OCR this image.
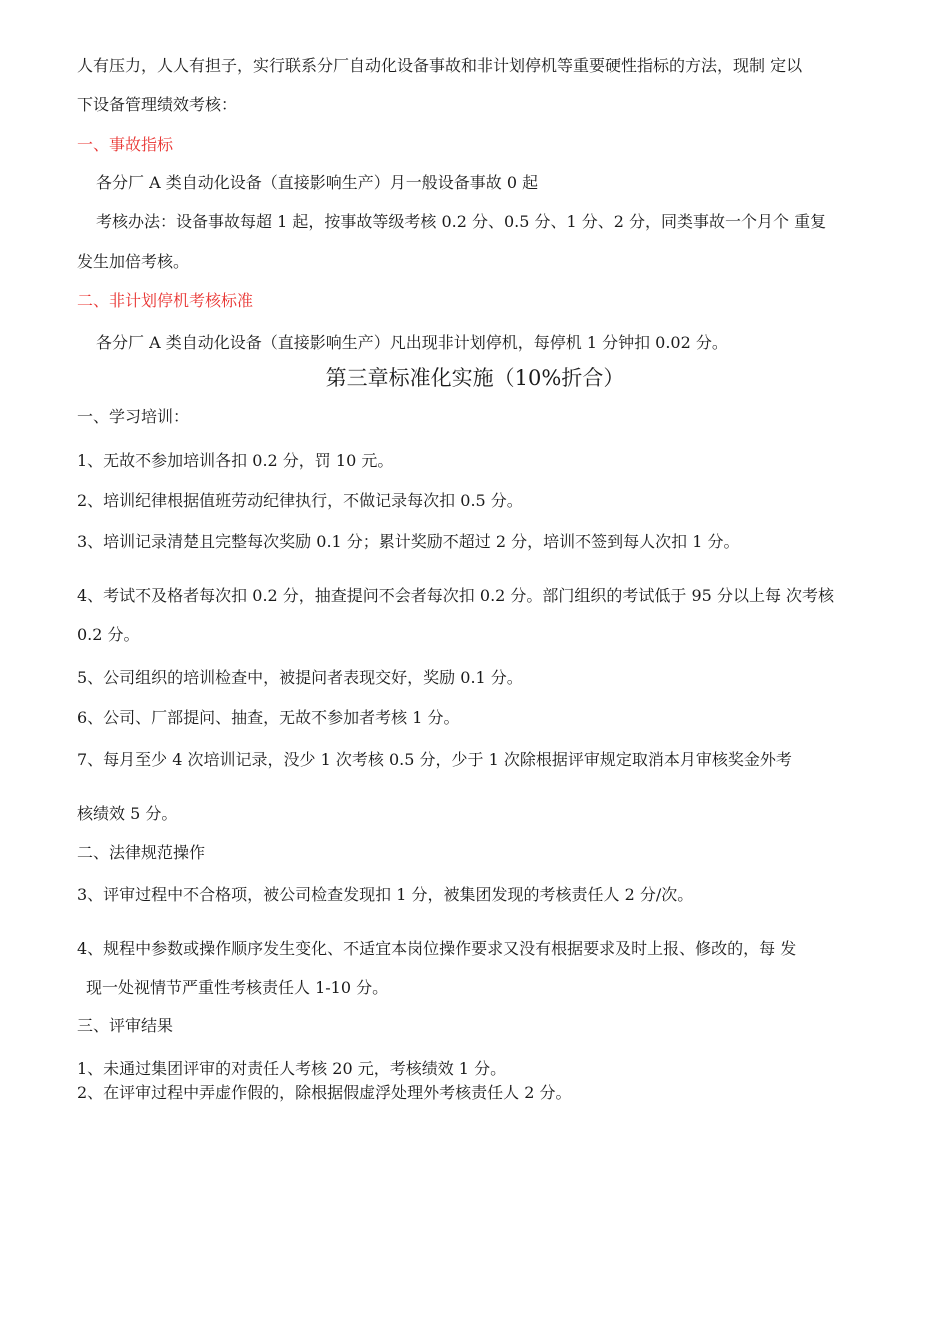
人有压力，人人有担子，实行联系分厂自动化设备事故和非计划停机等重要硬性指标的方法，现制 定以
下设备管理绩效考核：
一、事故指标
各分厂 A 类自动化设备（直接影响生产）月一般设备事故 0 起
考核办法：设备事故每超 1 起，按事故等级考核 0.2 分、0.5 分、1 分、2 分，同类事故一个月个 重复
发生加倍考核。
二、非计划停机考核标准
各分厂 A 类自动化设备（直接影响生产）凡出现非计划停机，每停机 1 分钟扣 0.02 分。
第三章标准化实施（10%折合）
一、学习培训：
1、无故不参加培训各扣 0.2 分，罚 10 元。
2、培训纪律根据值班劳动纪律执行，不做记录每次扣 0.5 分。
3、培训记录清楚且完整每次奖励 0.1 分；累计奖励不超过 2 分，培训不签到每人次扣 1 分。
4、考试不及格者每次扣 0.2 分，抽查提问不会者每次扣 0.2 分。部门组织的考试低于 95 分以上每 次考核
0.2 分。
5、公司组织的培训检查中，被提问者表现交好，奖励 0.1 分。
6、公司、厂部提问、抽查，无故不参加者考核 1 分。
7、每月至少 4 次培训记录，没少 1 次考核 0.5 分，少于 1 次除根据评审规定取消本月审核奖金外考
核绩效 5 分。
二、法律规范操作
3、评审过程中不合格项，被公司检查发现扣 1 分，被集团发现的考核责任人 2 分/次。
4、规程中参数或操作顺序发生变化、不适宜本岗位操作要求又没有根据要求及时上报、修改的，每 发
现一处视情节严重性考核责任人 1-10 分。
三、评审结果
1、未通过集团评审的对责任人考核 20 元，考核绩效 1 分。
2、在评审过程中弄虚作假的，除根据假虚浮处理外考核责任人 2 分。
